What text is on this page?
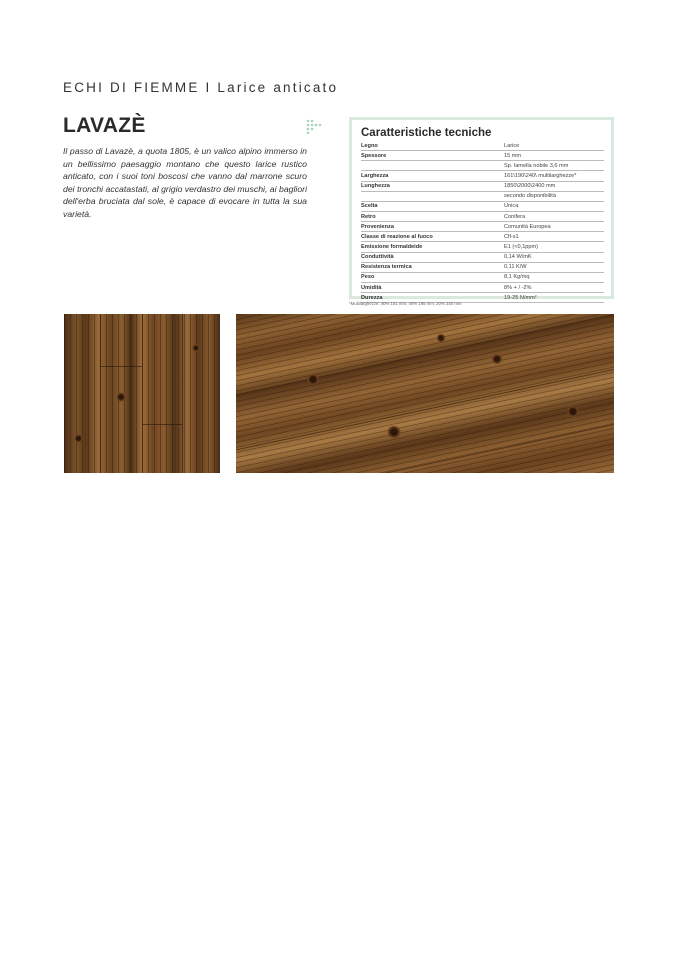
ECHI DI FIEMME I Larice anticato
LAVAZÈ
Il passo di Lavazè, a quota 1805, è un valico alpino immerso in un bellissimo paesaggio montano che questo larice rustico anticato, con i suoi toni boscosi che vanno dal marrone scuro dei tronchi accatastati, al grigio verdastro dei muschi, ai bagliori dell'erba bruciata dal sole, è capace di evocare in tutta la sua varietà.
Caratteristiche tecniche
Legno	Larice
Spessore	15 mm
Sp. lamella nobile 3,6 mm
Larghezza	161\190\240\ multilarghezze*
Lunghezza	1850\2000\2400 mm
secondo disponibilità
Scelta	Unica
Retro	Conifera
Provenienza	Comunità Europea
Classe di reazione al fuoco	Cfl-s1
Emissione formaldeide	E1 (<0,1ppm)
Conduttività	0,14 W/mK
Resistenza termica	0,11 K/W
Peso	8,1 Kg/mq
Umidità	8% + / -2%
Durezza	19-25 N/mm²
*Multilarghezze: 40% 161 mm, 40% 195 mm, 20% 240 mm
